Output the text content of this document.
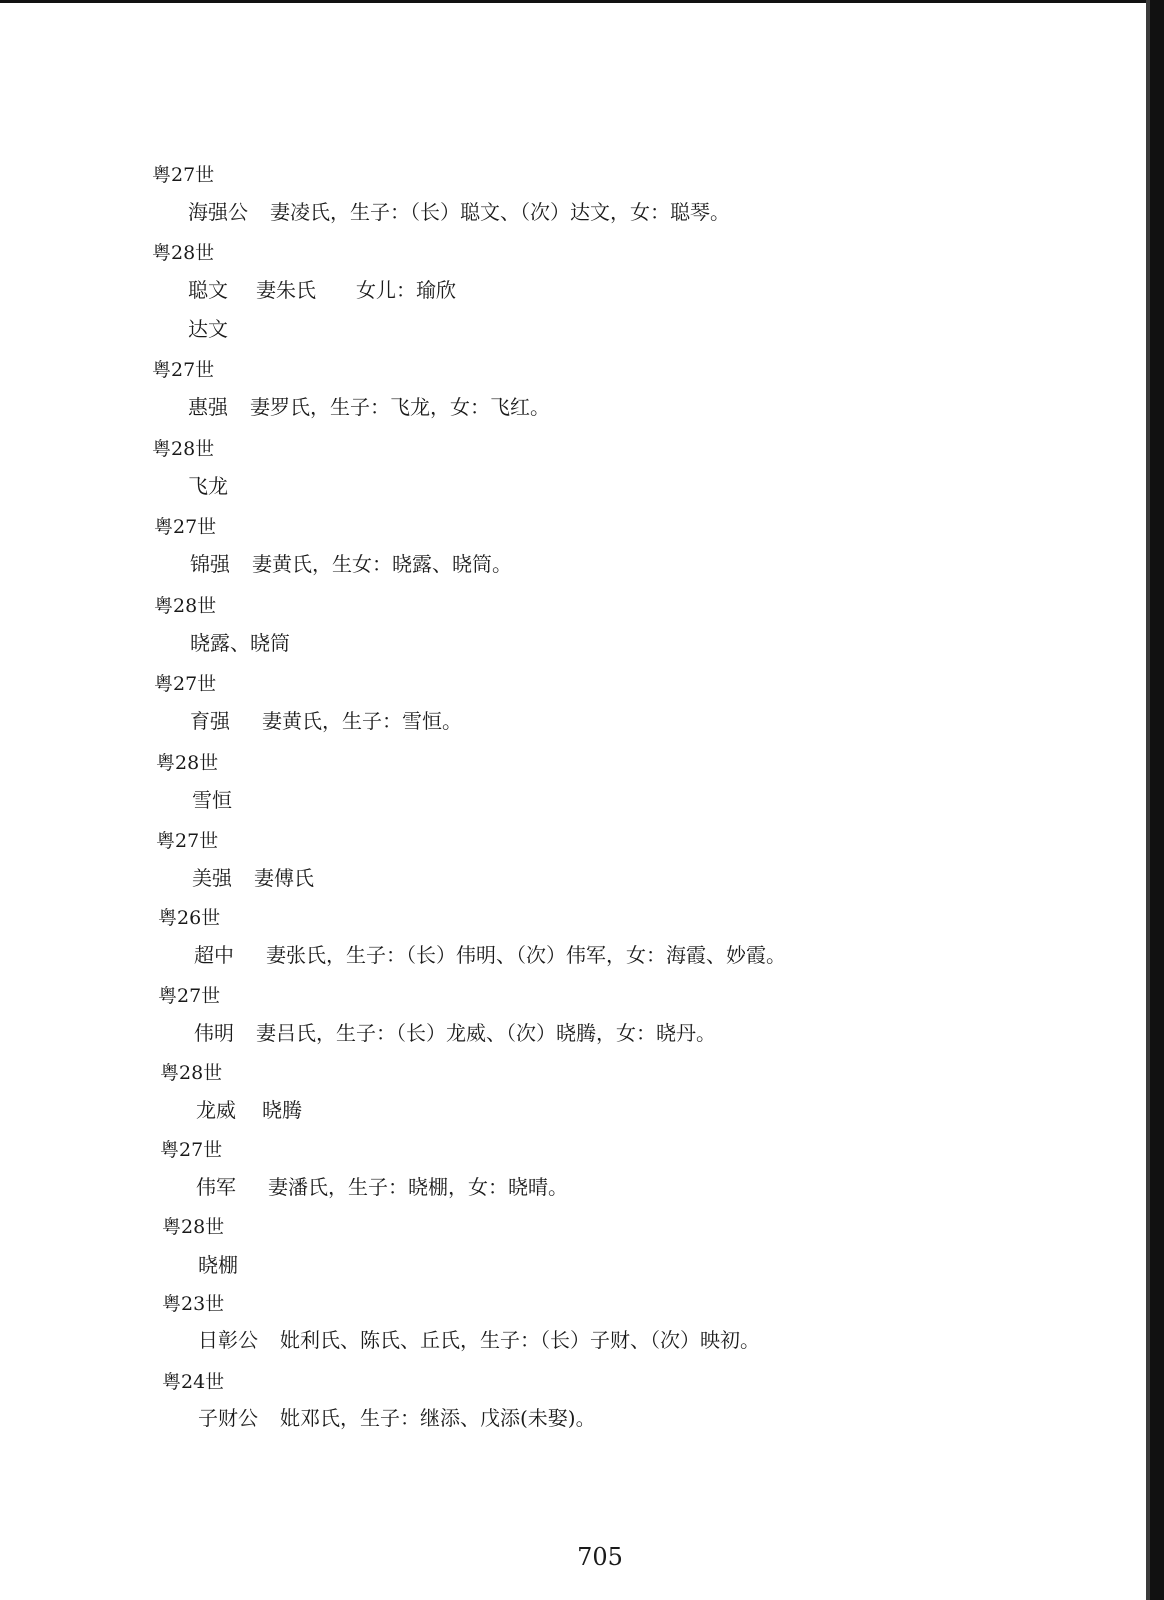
粤27世
海强公 妻凌氏，生子：（长）聪文、（次）达文，女：聪琴。
粤28世
聪文 妻朱氏　　女儿：瑜欣
达文
粤27世
惠强 妻罗氏，生子：飞龙，女：飞红。
粤28世
飞龙
粤27世
锦强 妻黄氏，生女：晓露、晓筒。
粤28世
晓露、晓筒
粤27世
育强 妻黄氏，生子：雪恒。
粤28世
雪恒
粤27世
美强 妻傅氏
粤26世
超中 妻张氏，生子：（长）伟明、（次）伟军，女：海霞、妙霞。
粤27世
伟明 妻吕氏，生子：（长）龙威、（次）晓腾，女：晓丹。
粤28世
龙威 晓腾
粤27世
伟军 妻潘氏，生子：晓棚，女：晓晴。
粤28世
晓棚
粤23世
日彰公 妣利氏、陈氏、丘氏，生子：（长）子财、（次）映初。
粤24世
子财公 妣邓氏，生子：继添、戊添(未娶)。
705
